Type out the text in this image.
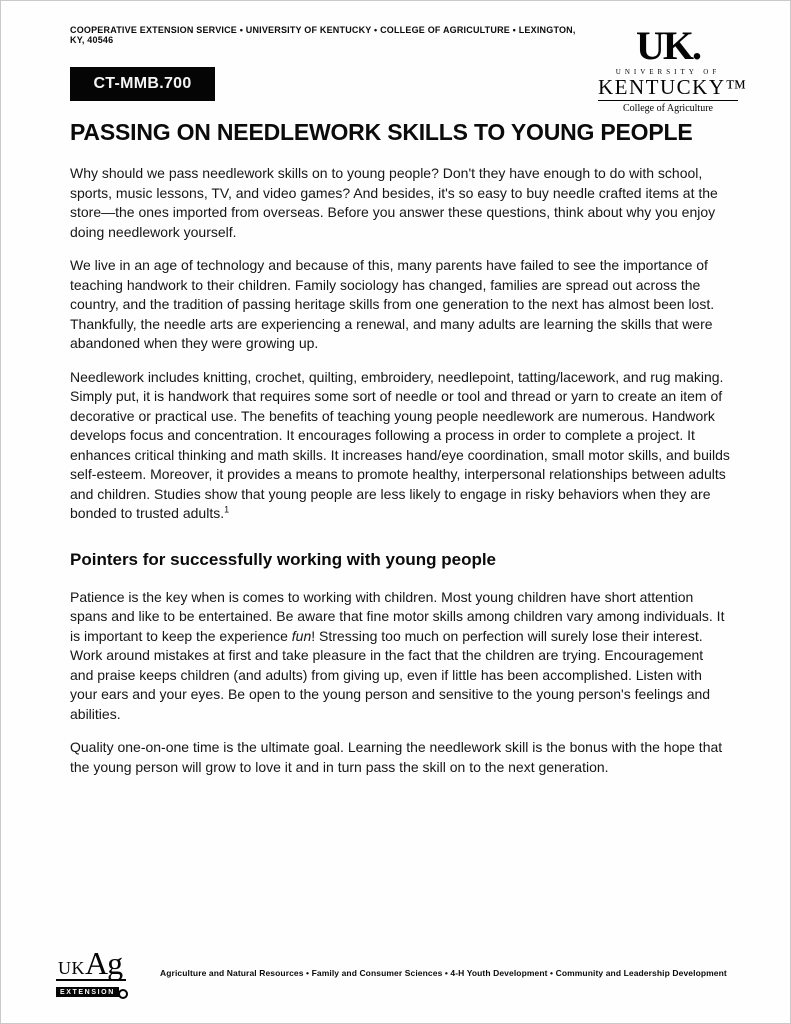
COOPERATIVE EXTENSION SERVICE • UNIVERSITY OF KENTUCKY • COLLEGE OF AGRICULTURE • LEXINGTON, KY, 40546	UK.
UNIVERSITY OF
KENTUCKY™
College of Agriculture
CT-MMB.700
PASSING ON NEEDLEWORK SKILLS TO YOUNG PEOPLE

Why should we pass needlework skills on to young people? Don't they have enough to do with school, sports, music lessons, TV, and video games? And besides, it's so easy to buy needle crafted items at the store—the ones imported from overseas. Before you answer these questions, think about why you enjoy doing needlework yourself.

We live in an age of technology and because of this, many parents have failed to see the importance of teaching handwork to their children. Family sociology has changed, families are spread out across the country, and the tradition of passing heritage skills from one generation to the next has almost been lost. Thankfully, the needle arts are experiencing a renewal, and many adults are learning the skills that were abandoned when they were growing up.

Needlework includes knitting, crochet, quilting, embroidery, needlepoint, tatting/lacework, and rug making. Simply put, it is handwork that requires some sort of needle or tool and thread or yarn to create an item of decorative or practical use. The benefits of teaching young people needlework are numerous. Handwork develops focus and concentration. It encourages following a process in order to complete a project. It enhances critical thinking and math skills. It increases hand/eye coordination, small motor skills, and builds self-esteem. Moreover, it provides a means to promote healthy, interpersonal relationships between adults and children. Studies show that young people are less likely to engage in risky behaviors when they are bonded to trusted adults.$^1$

Pointers for successfully working with young people

Patience is the key when is comes to working with children. Most young children have short attention spans and like to be entertained. Be aware that fine motor skills among children vary among individuals. It is important to keep the experience fun! Stressing too much on perfection will surely lose their interest. Work around mistakes at first and take pleasure in the fact that the children are trying. Encouragement and praise keeps children (and adults) from giving up, even if little has been accomplished. Listen with your ears and your eyes. Be open to the young person and sensitive to the young person's feelings and abilities.

Quality one-on-one time is the ultimate goal. Learning the needlework skill is the bonus with the hope that the young person will grow to love it and in turn pass the skill on to the next generation.

UKAg
EXTENSION
Agriculture and Natural Resources • Family and Consumer Sciences • 4-H Youth Development • Community and Leadership Development
